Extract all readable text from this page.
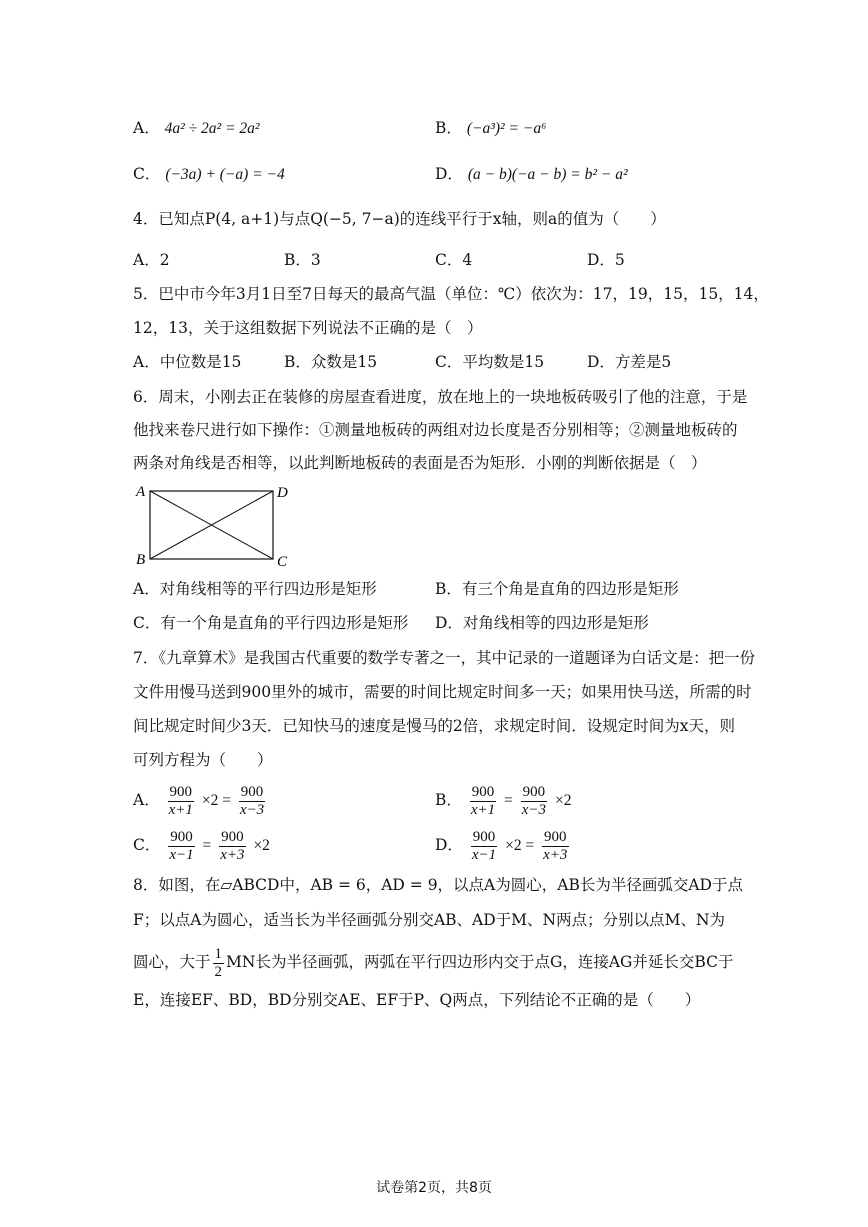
A． 4a² ÷ 2a² = 2a²	B． (−a³)² = −a⁶
C． (−3a) + (−a) = −4	D． (a − b)(−a − b) = b² − a²
4．已知点P(4, a+1)与点Q(−5, 7−a)的连线平行于x轴，则a的值为（　　）
A．2	B．3	C．4	D．5
5．巴中市今年3月1日至7日每天的最高气温（单位：℃）依次为：17，19，15，15，14，
12，13，关于这组数据下列说法不正确的是（　）
A．中位数是15	B．众数是15	C．平均数是15	D．方差是5
6．周末，小刚去正在装修的房屋查看进度，放在地上的一块地板砖吸引了他的注意，于是
他找来卷尺进行如下操作：①测量地板砖的两组对边长度是否分别相等；②测量地板砖的
两条对角线是否相等，以此判断地板砖的表面是否为矩形．小刚的判断依据是（　）
A	D
B	C
A．对角线相等的平行四边形是矩形	B．有三个角是直角的四边形是矩形
C．有一个角是直角的平行四边形是矩形 D．对角线相等的四边形是矩形
7．《九章算术》是我国古代重要的数学专著之一，其中记录的一道题译为白话文是：把一份
文件用慢马送到900里外的城市，需要的时间比规定时间多一天；如果用快马送，所需的时
间比规定时间少3天．已知快马的速度是慢马的2倍，求规定时间．设规定时间为x天，则
可列方程为（　　）
A． $\frac{900}{x+1} \times 2 = \frac{900}{x-3}$	B． $\frac{900}{x+1} = \frac{900}{x-3} \times 2$
C． $\frac{900}{x-1} = \frac{900}{x+3} \times 2$	D． $\frac{900}{x-1} \times 2 = \frac{900}{x+3}$
8．如图，在▱ABCD中，AB = 6，AD = 9，以点A为圆心，AB长为半径画弧交AD于点
F；以点A为圆心，适当长为半径画弧分别交AB、AD于M、N两点；分别以点M、N为
圆心，大于 $\frac{1}{2}$ MN长为半径画弧，两弧在平行四边形内交于点G，连接AG并延长交BC于
E，连接EF、BD，BD分别交AE、EF于P、Q两点，下列结论不正确的是（　　）
试卷第2页，共8页
